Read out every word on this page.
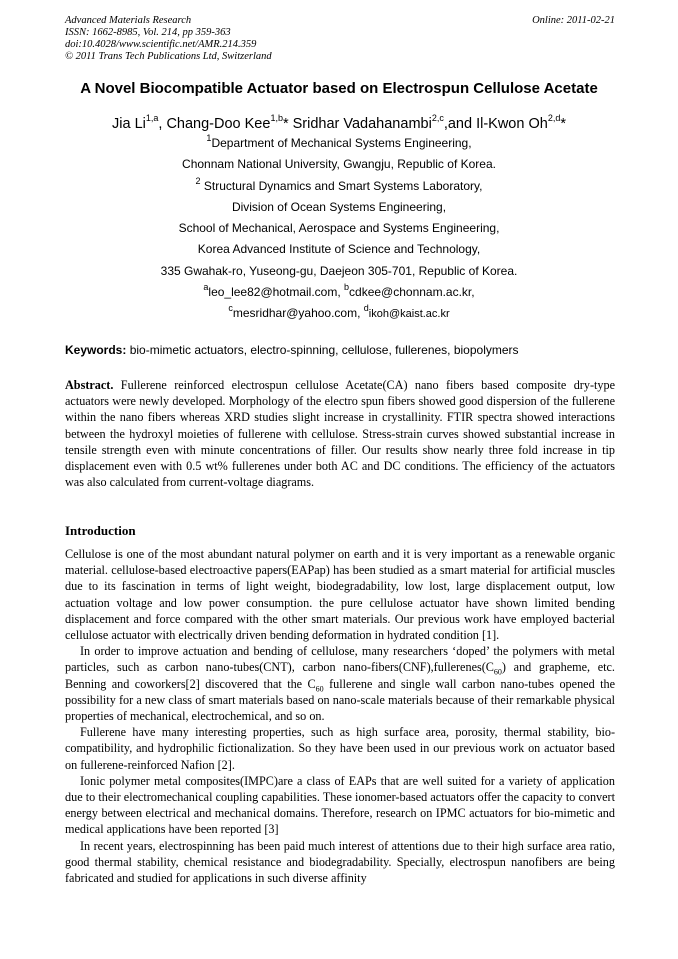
Advanced Materials Research
ISSN: 1662-8985, Vol. 214, pp 359-363
doi:10.4028/www.scientific.net/AMR.214.359
© 2011 Trans Tech Publications Ltd, Switzerland
Online: 2011-02-21
A Novel Biocompatible Actuator based on Electrospun Cellulose Acetate
Jia Li$^{1,a}$, Chang-Doo Kee$^{1,b}$* Sridhar Vadahanambi$^{2,c}$,and Il-Kwon Oh$^{2,d}$*
$^1$Department of Mechanical Systems Engineering,
Chonnam National University, Gwangju, Republic of Korea.
$^2$ Structural Dynamics and Smart Systems Laboratory,
Division of Ocean Systems Engineering,
School of Mechanical, Aerospace and Systems Engineering,
Korea Advanced Institute of Science and Technology,
335 Gwahak-ro, Yuseong-gu, Daejeon 305-701, Republic of Korea.
$^a$leo_lee82@hotmail.com, $^b$cdkee@chonnam.ac.kr,
$^c$mesridhar@yahoo.com, $^d$ikoh@kaist.ac.kr
Keywords: bio-mimetic actuators, electro-spinning, cellulose, fullerenes, biopolymers

Abstract. Fullerene reinforced electrospun cellulose Acetate(CA) nano fibers based composite dry-type actuators were newly developed. Morphology of the electro spun fibers showed good dispersion of the fullerene within the nano fibers whereas XRD studies slight increase in crystallinity. FTIR spectra showed interactions between the hydroxyl moieties of fullerene with cellulose. Stress-strain curves showed substantial increase in tensile strength even with minute concentrations of filler. Our results show nearly three fold increase in tip displacement even with 0.5 wt% fullerenes under both AC and DC conditions. The efficiency of the actuators was also calculated from current-voltage diagrams.

Introduction

Cellulose is one of the most abundant natural polymer on earth and it is very important as a renewable organic material. cellulose-based electroactive papers(EAPap) has been studied as a smart material for artificial muscles due to its fascination in terms of light weight, biodegradability, low lost, large displacement output, low actuation voltage and low power consumption. the pure cellulose actuator have shown limited bending displacement and force compared with the other smart materials. Our previous work have employed bacterial cellulose actuator with electrically driven bending deformation in hydrated condition [1].

In order to improve actuation and bending of cellulose, many researchers ‘doped’ the polymers with metal particles, such as carbon nano-tubes(CNT), carbon nano-$fibers(CNF),fullerenes(C_{60})$ and grapheme, etc. Benning and coworkers[2] discovered that the $C_{60}$ fullerene and single wall carbon nano-tubes opened the possibility for a new class of smart materials based on nano-scale materials because of their remarkable physical properties of mechanical, electrochemical, and so on.

Fullerene have many interesting properties, such as high surface area, porosity, thermal stability, bio-compatibility, and hydrophilic fictionalization. So they have been used in our previous work on actuator based on fullerene-reinforced Nafion [2].

Ionic polymer metal composites(IMPC)are a class of EAPs that are well suited for a variety of application due to their electromechanical coupling capabilities. These ionomer-based actuators offer the capacity to convert energy between electrical and mechanical domains. Therefore, research on IPMC actuators for bio-mimetic and medical applications have been reported [3]

In recent years, electrospinning has been paid much interest of attentions due to their high surface area ratio, good thermal stability, chemical resistance and biodegradability. Specially, electrospun nanofibers are being fabricated and studied for applications in such diverse affinity
